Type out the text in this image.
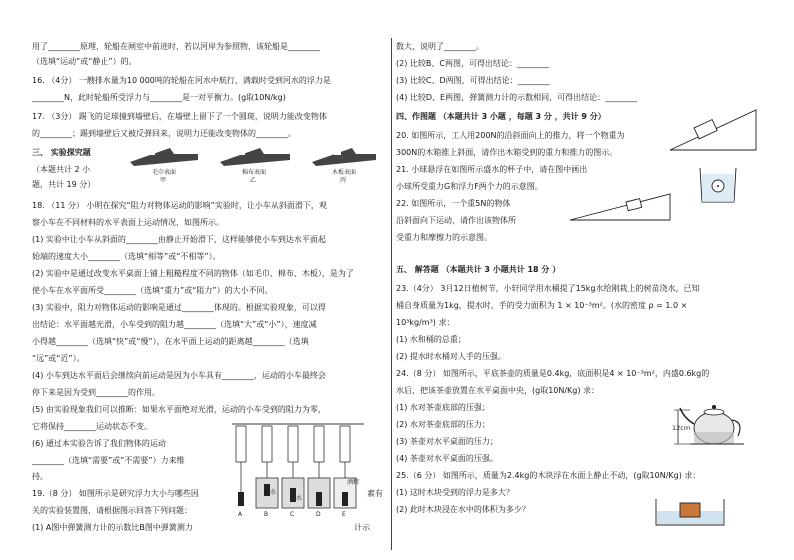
用了________原理，轮船在闸室中前进时，若以河岸为参照物，该轮船是________
（选填“运动”或“静止”）的。
16. （4分） 一艘排水量为10 000吨的轮船在河水中航行，满载时受到河水的浮力是
________N，此时轮船所受浮力与________是一对平衡力。(g取10N/kg)
17. （3分） 踢飞的足球撞到墙壁后，在墙壁上留下了一个圆斑，说明力能改变物体
的________；踢到墙壁后又被反弹回来，说明力还能改变物体的________。
三、 实验探究题
（本题共计 2 小
题，共计 19 分）
毛巾表面
甲
棉布表面
乙
木板表面
丙
18. （11 分） 小明在探究“阻力对物体运动的影响”实验时，让小车从斜面滑下，观
察小车在不同材料的水平表面上运动情况，如图所示。
(1) 实验中让小车从斜面的________由静止开始滑下，这样能够使小车到达水平面起
始端的速度大小________（选填“相等”或“不相等”）。
(2) 实验中是通过改变水平桌面上铺上粗糙程度不同的物体（如毛巾、棉布、木板），是为了
使小车在水平面所受________（选填“重力”或“阻力”）的大小不同。
(3) 实验中，阻力对物体运动的影响是通过________体现的。根据实验现象，可以得
出结论：水平面越光滑，小车受到的阻力越________（选填“大”或“小”），速度减
小得越________（选填“快”或“慢”），在水平面上运动的距离越________（选填
“远”或“近”）。
(4) 小车到达水平面后会继续向前运动是因为小车具有________，运动的小车最终会
停下来是因为受到________的作用。
(5) 由实验现象我们可以推断：如果水平面绝对光滑，运动的小车受到的阻力为零，
它将保持________运动状态不变。
(6) 通过本实验告诉了我们物体的运动
________（选填“需要”或“不需要”）力来维
持。
19.（8 分） 如图所示是研究浮力大小与哪些因
关的实验装置图，请根据图示回答下列问题：
(1) A图中弹簧测力计的示数比B图中弹簧测力
素有
计示
水
水
酒精
A	B	C	D	E
数大，说明了________。
(2) 比较B、C两图，可得出结论：________
(3) 比较C、D两图，可得出结论：________
(4) 比较D、E两图，弹簧测力计的示数相同，可得出结论：________
四、作图题 （本题共计 3 小题 ，每题 3 分 ，共计 9 分）
20. 如图所示，工人用200N的沿斜面向上的推力，将一个物重为
300N的木箱推上斜面，请作出木箱受到的重力和推力的图示。
21. 小球悬浮在如图所示盛水的杯子中，请在图中画出
小球所受重力G和浮力F两个力的示意图。
22. 如图所示，一个重5N的物体
沿斜面向下运动，请作出该物体所
受重力和摩擦力的示意图。
五、 解答题 （本题共计 3 小题共计 18 分 ）
23.（4分） 3月12日植树节，小轩同学用水桶提了15kg水给刚栽上的树苗浇水，已知
桶自身质量为1kg，提水时，手的受力面积为 1 × 10⁻³m²。(水的密度 ρ = 1.0 ×
10³kg/m³) 求：
(1) 水和桶的总重；
(2) 提水时水桶对人手的压强。
24.（8 分） 如图所示，平底茶壶的质量是0.4kg，底面积是4 × 10⁻³m²，内盛0.6kg的
水后，把该茶壶放置在水平桌面中央，(g取10N/Kg) 求：
(1) 水对茶壶底部的压强；
(2) 水对茶壶底部的压力；
(3) 茶壶对水平桌面的压力；
(4) 茶壶对水平桌面的压强。
25.（6 分） 如图所示，质量为2.4kg的木块浮在水面上静止不动，(g取10N/Kg) 求：
(1) 这时木块受到的浮力是多大？
(2) 此时木块浸在水中的体积为多少？
12cm
